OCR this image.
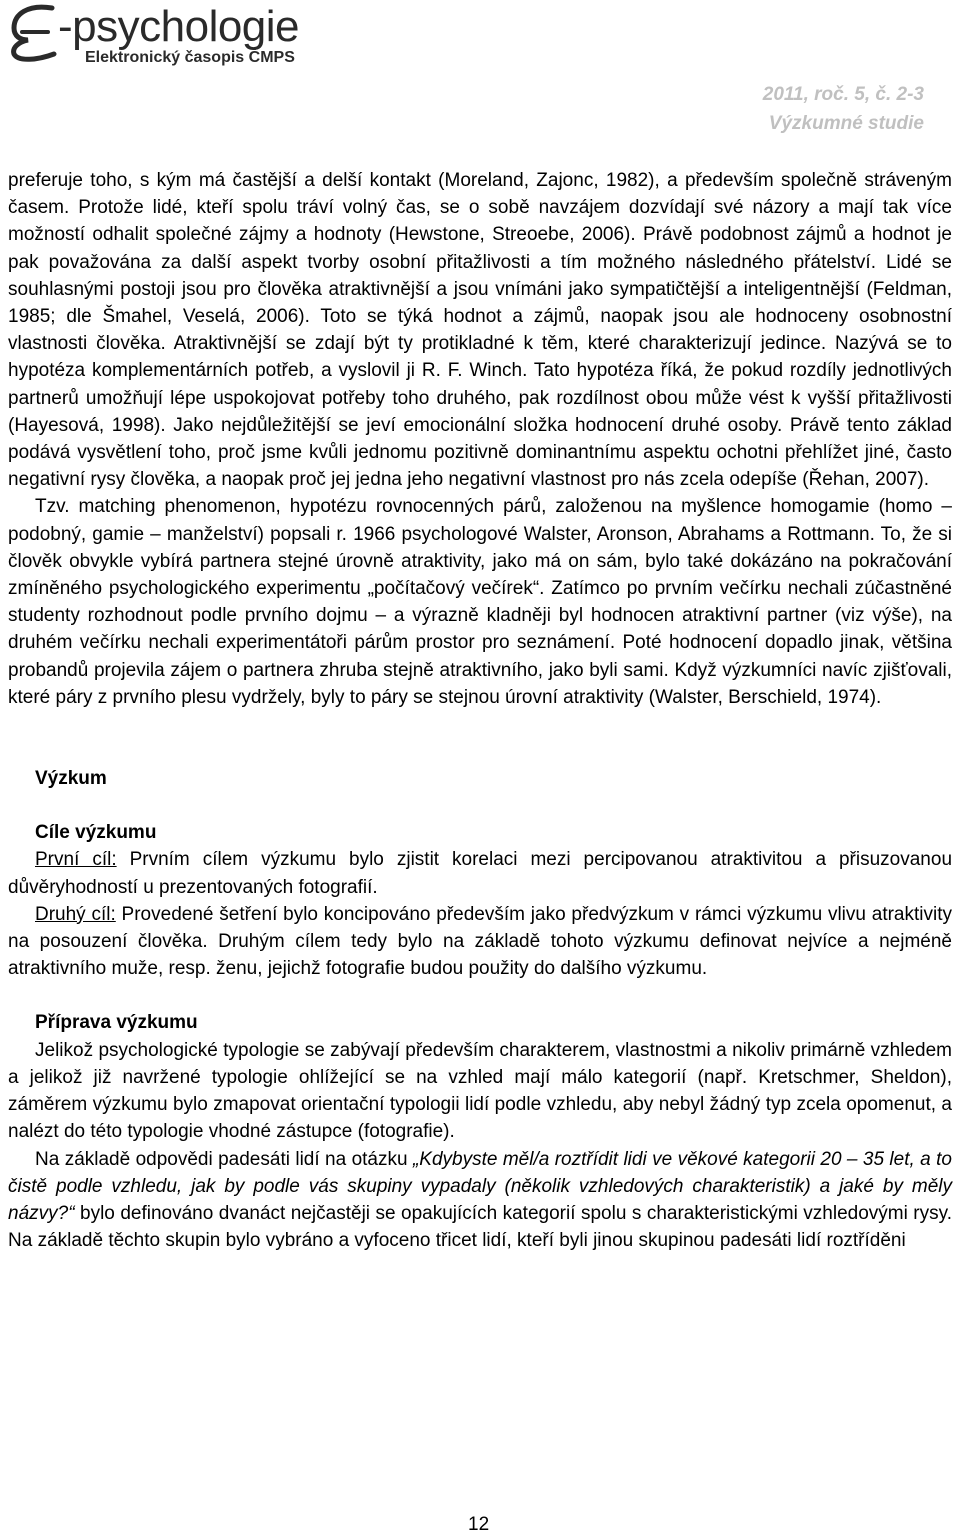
-psychologie
Elektronický časopis ČMPS
2011, roč. 5, č. 2-3
Výzkumné studie

preferuje toho, s kým má častější a delší kontakt (Moreland, Zajonc, 1982), a především společně stráveným časem. Protože lidé, kteří spolu tráví volný čas, se o sobě navzájem dozvídají své názory a mají tak více možností odhalit společné zájmy a hodnoty (Hewstone, Streoebe, 2006). Právě podobnost zájmů a hodnot je pak považována za další aspekt tvorby osobní přitažlivosti a tím možného následného přátelství. Lidé se souhlasnými postoji jsou pro člověka atraktivnější a jsou vnímáni jako sympatičtější a inteligentnější (Feldman, 1985; dle Šmahel, Veselá, 2006). Toto se týká hodnot a zájmů, naopak jsou ale hodnoceny osobnostní vlastnosti člověka. Atraktivnější se zdají být ty protikladné k těm, které charakterizují jedince. Nazývá se to hypotéza komplementárních potřeb, a vyslovil ji R. F. Winch. Tato hypotéza říká, že pokud rozdíly jednotlivých partnerů umožňují lépe uspokojovat potřeby toho druhého, pak rozdílnost obou může vést k vyšší přitažlivosti (Hayesová, 1998). Jako nejdůležitější se jeví emocionální složka hodnocení druhé osoby. Právě tento základ podává vysvětlení toho, proč jsme kvůli jednomu pozitivně dominantnímu aspektu ochotni přehlížet jiné, často negativní rysy člověka, a naopak proč jej jedna jeho negativní vlastnost pro nás zcela odepíše (Řehan, 2007).

Tzv. matching phenomenon, hypotézu rovnocenných párů, založenou na myšlence homogamie (homo – podobný, gamie – manželství) popsali r. 1966 psychologové Walster, Aronson, Abrahams a Rottmann. To, že si člověk obvykle vybírá partnera stejné úrovně atraktivity, jako má on sám, bylo také dokázáno na pokračování zmíněného psychologického experimentu „počítačový večírek“. Zatímco po prvním večírku nechali zúčastněné studenty rozhodnout podle prvního dojmu – a výrazně kladněji byl hodnocen atraktivní partner (viz výše), na druhém večírku nechali experimentátoři párům prostor pro seznámení. Poté hodnocení dopadlo jinak, většina probandů projevila zájem o partnera zhruba stejně atraktivního, jako byli sami. Když výzkumníci navíc zjišťovali, které páry z prvního plesu vydržely, byly to páry se stejnou úrovní atraktivity (Walster, Berschield, 1974).

Výzkum

Cíle výzkumu

První cíl: Prvním cílem výzkumu bylo zjistit korelaci mezi percipovanou atraktivitou a přisuzovanou důvěryhodností u prezentovaných fotografií.

Druhý cíl: Provedené šetření bylo koncipováno především jako předvýzkum v rámci výzkumu vlivu atraktivity na posouzení člověka. Druhým cílem tedy bylo na základě tohoto výzkumu definovat nejvíce a nejméně atraktivního muže, resp. ženu, jejichž fotografie budou použity do dalšího výzkumu.

Příprava výzkumu

Jelikož psychologické typologie se zabývají především charakterem, vlastnostmi a nikoliv primárně vzhledem a jelikož již navržené typologie ohlížející se na vzhled mají málo kategorií (např. Kretschmer, Sheldon), záměrem výzkumu bylo zmapovat orientační typologii lidí podle vzhledu, aby nebyl žádný typ zcela opomenut, a nalézt do této typologie vhodné zástupce (fotografie).

Na základě odpovědi padesáti lidí na otázku „Kdybyste měl/a roztřídit lidi ve věkové kategorii 20 – 35 let, a to čistě podle vzhledu, jak by podle vás skupiny vypadaly (několik vzhledových charakteristik) a jaké by měly názvy?“ bylo definováno dvanáct nejčastěji se opakujících kategorií spolu s charakteristickými vzhledovými rysy. Na základě těchto skupin bylo vybráno a vyfoceno třicet lidí, kteří byli jinou skupinou padesáti lidí roztříděni

12
